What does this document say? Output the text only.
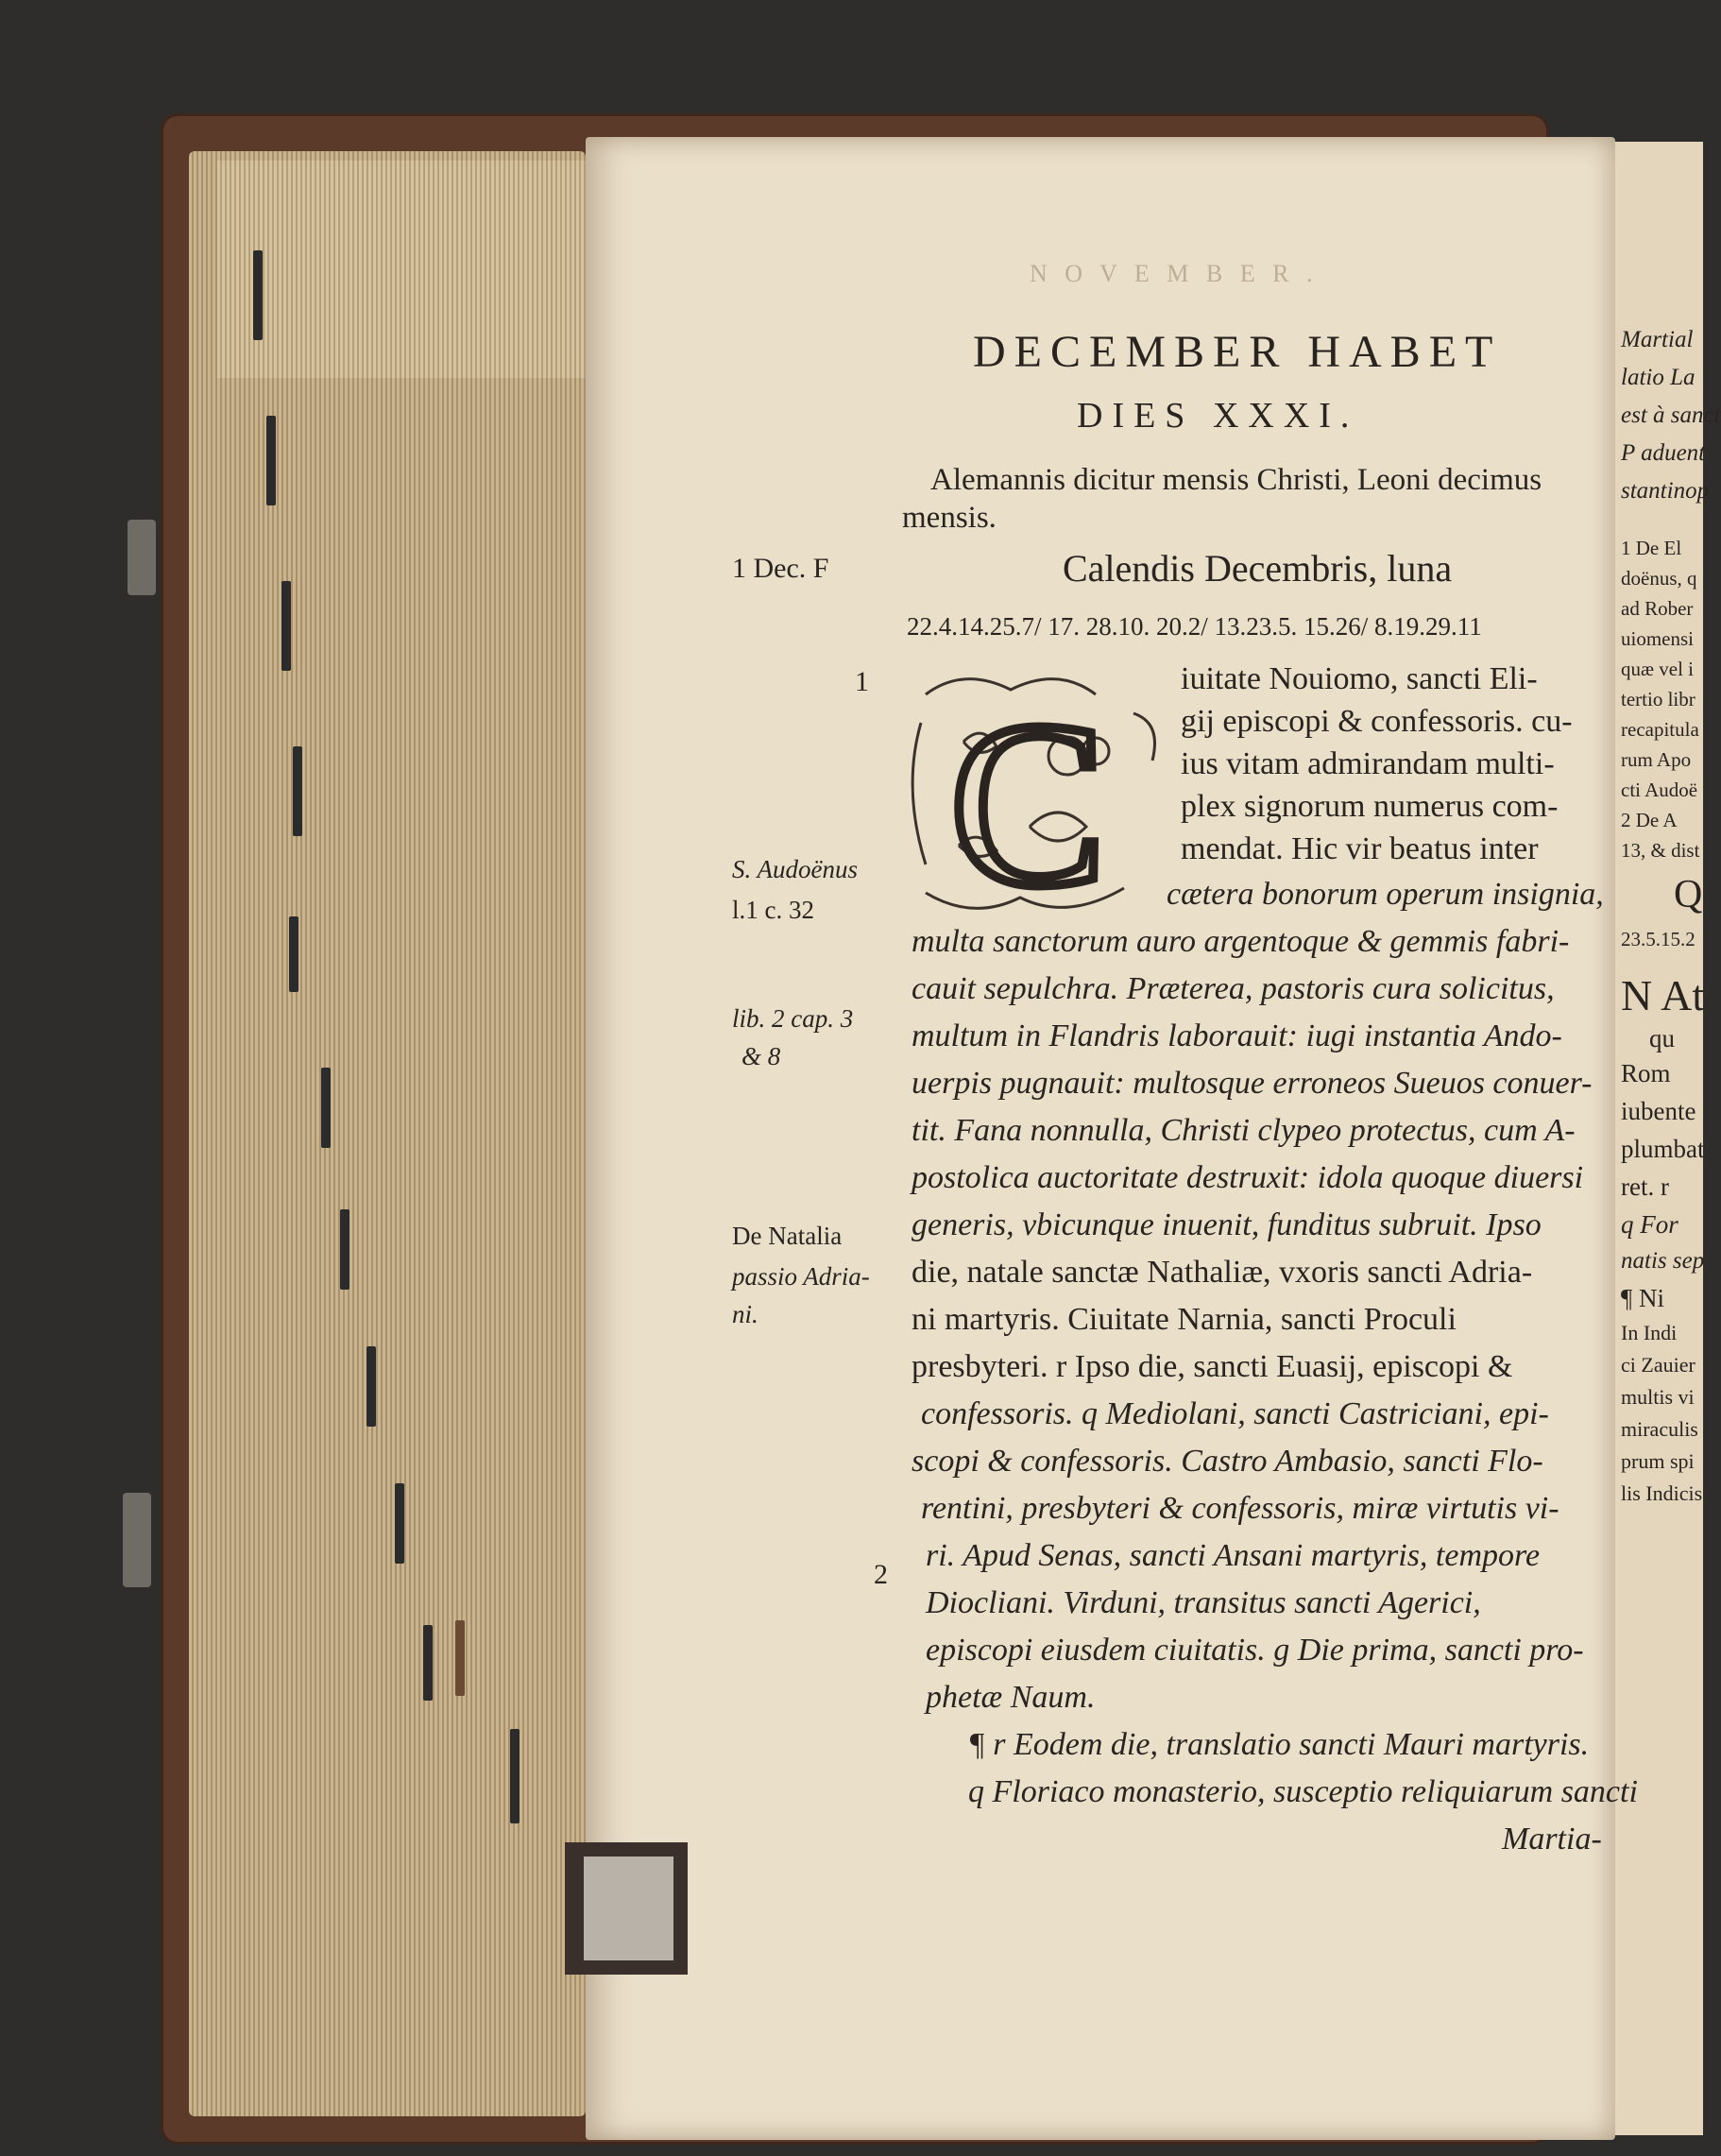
N O V E M B E R .
DECEMBER HABET
DIES XXXI.
Alemannis dicitur mensis Christi, Leoni decimus
mensis.
1 Dec. F	Calendis Decembris, luna
22.4.14.25.7/ 17. 28.10. 20.2/ 13.23.5. 15.26/ 8.19.29.11
1
2
C iuitate Nouiomo, sancti Eli-
gij episcopi & confessoris. cu-
ius vitam admirandam multi-
plex signorum numerus com-
mendat. Hic vir beatus inter
cætera bonorum operum insignia,
multa sanctorum auro argentoque & gemmis fabri-
cauit sepulchra. Præterea, pastoris cura solicitus,
multum in Flandris laborauit: iugi instantia Ando-
uerpis pugnauit: multosque erroneos Sueuos conuer-
tit. Fana nonnulla, Christi clypeo protectus, cum A-
postolica auctoritate destruxit: idola quoque diuersi
generis, vbicunque inuenit, funditus subruit. Ipso
die, natale sanctæ Nathaliæ, vxoris sancti Adria-
ni martyris. Ciuitate Narnia, sancti Proculi
presbyteri. r Ipso die, sancti Euasij, episcopi &
confessoris. q Mediolani, sancti Castriciani, epi-
scopi & confessoris. Castro Ambasio, sancti Flo-
rentini, presbyteri & confessoris, miræ virtutis vi-
ri. Apud Senas, sancti Ansani martyris, tempore
Diocliani. Virduni, transitus sancti Agerici,
episcopi eiusdem ciuitatis. g Die prima, sancti pro-
phetæ Naum.
¶ r Eodem die, translatio sancti Mauri martyris.
q Floriaco monasterio, susceptio reliquiarum sancti
Martia-
S. Audoënus
l.1 c. 32
lib. 2 cap. 3
& 8
De Natalia
passio Adria-
ni.
Martial
latio La
est à sanct
P aduent
stantinop
1 De El
doënus, q
ad Rober
uiomensi
quæ vel i
tertio libr
recapitula
rum Apo
cti Audoë
2 De A
13, & dist
Q
23.5.15.2
N At
qu
Rom
iubente
plumbat
ret. r
q For
natis sep
¶ Ni
In Indi
ci Zauier
multis vi
miraculis
prum spi
lis Indicis
